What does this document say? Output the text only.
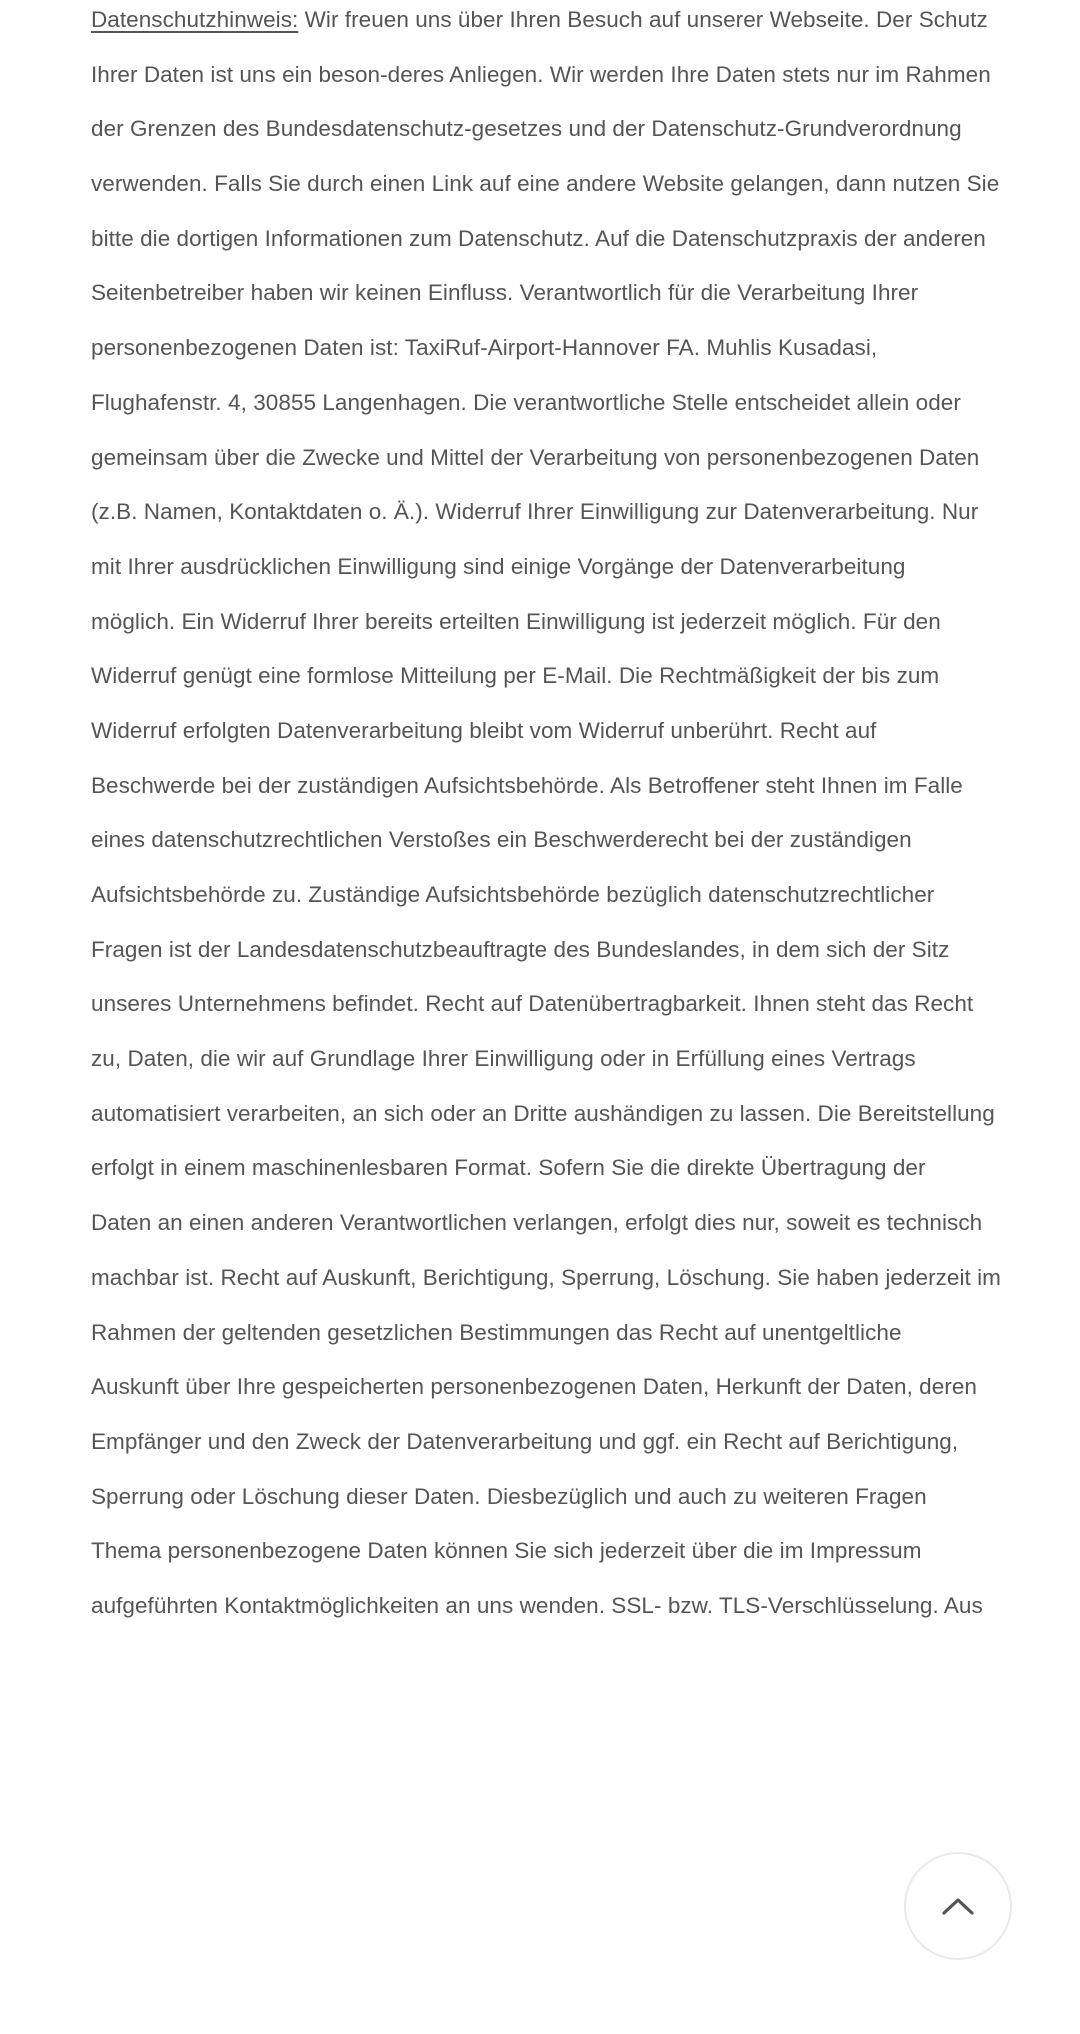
Datenschutzhinweis: Wir freuen uns über Ihren Besuch auf unserer Webseite. Der Schutz
Ihrer Daten ist uns ein beson-deres Anliegen. Wir werden Ihre Daten stets nur im Rahmen
der Grenzen des Bundesdatenschutz-gesetzes und der Datenschutz-Grundverordnung
verwenden. Falls Sie durch einen Link auf eine andere Website gelangen, dann nutzen Sie
bitte die dortigen Informationen zum Datenschutz. Auf die Datenschutzpraxis der anderen
Seitenbetreiber haben wir keinen Einfluss. Verantwortlich für die Verarbeitung Ihrer
personenbezogenen Daten ist: TaxiRuf-Airport-Hannover FA. Muhlis Kusadasi,
Flughafenstr. 4, 30855 Langenhagen. Die verantwortliche Stelle entscheidet allein oder
gemeinsam über die Zwecke und Mittel der Verarbeitung von personenbezogenen Daten
(z.B. Namen, Kontaktdaten o. Ä.). Widerruf Ihrer Einwilligung zur Datenverarbeitung. Nur
mit Ihrer ausdrücklichen Einwilligung sind einige Vorgänge der Datenverarbeitung
möglich. Ein Widerruf Ihrer bereits erteilten Einwilligung ist jederzeit möglich. Für den
Widerruf genügt eine formlose Mitteilung per E-Mail. Die Rechtmäßigkeit der bis zum
Widerruf erfolgten Datenverarbeitung bleibt vom Widerruf unberührt. Recht auf
Beschwerde bei der zuständigen Aufsichtsbehörde. Als Betroffener steht Ihnen im Falle
eines datenschutzrechtlichen Verstoßes ein Beschwerderecht bei der zuständigen
Aufsichtsbehörde zu. Zuständige Aufsichtsbehörde bezüglich datenschutzrechtlicher
Fragen ist der Landesdatenschutzbeauftragte des Bundeslandes, in dem sich der Sitz
unseres Unternehmens befindet. Recht auf Datenübertragbarkeit. Ihnen steht das Recht
zu, Daten, die wir auf Grundlage Ihrer Einwilligung oder in Erfüllung eines Vertrags
automatisiert verarbeiten, an sich oder an Dritte aushändigen zu lassen. Die Bereitstellung
erfolgt in einem maschinenlesbaren Format. Sofern Sie die direkte Übertragung der
Daten an einen anderen Verantwortlichen verlangen, erfolgt dies nur, soweit es technisch
machbar ist. Recht auf Auskunft, Berichtigung, Sperrung, Löschung. Sie haben jederzeit im
Rahmen der geltenden gesetzlichen Bestimmungen das Recht auf unentgeltliche
Auskunft über Ihre gespeicherten personenbezogenen Daten, Herkunft der Daten, deren
Empfänger und den Zweck der Datenverarbeitung und ggf. ein Recht auf Berichtigung,
Sperrung oder Löschung dieser Daten. Diesbezüglich und auch zu weiteren Fragen
Thema personenbezogene Daten können Sie sich jederzeit über die im Impressum
aufgeführten Kontaktmöglichkeiten an uns wenden. SSL- bzw. TLS-Verschlüsselung. Aus
